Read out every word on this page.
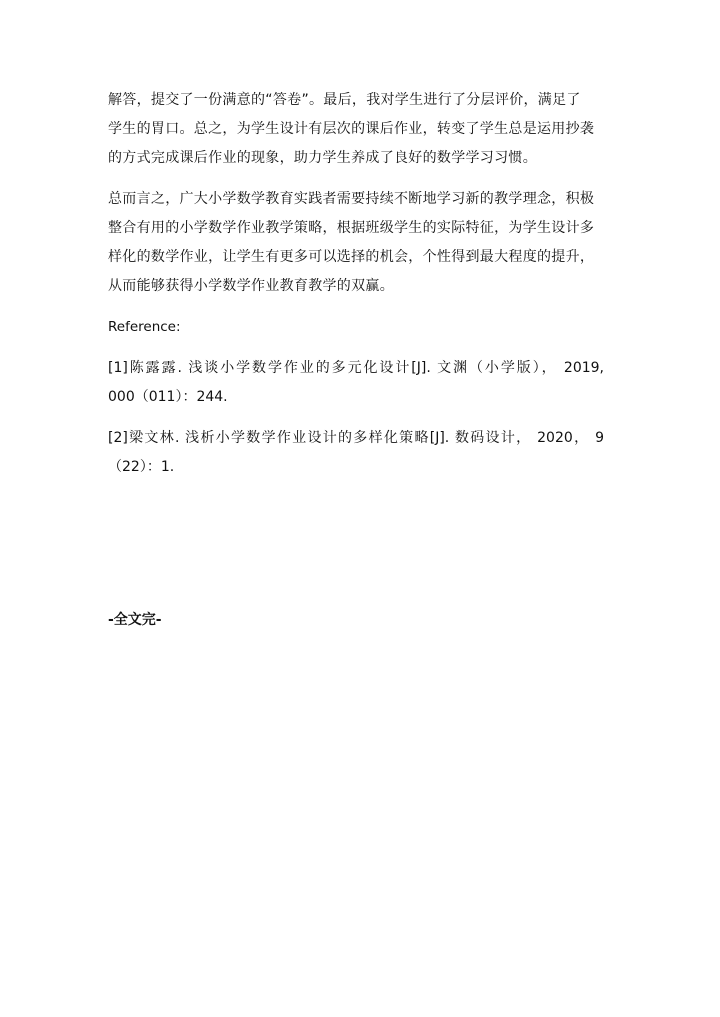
解答，提交了一份满意的“答卷”。最后，我对学生进行了分层评价，满足了
学生的胃口。总之，为学生设计有层次的课后作业，转变了学生总是运用抄袭
的方式完成课后作业的现象，助力学生养成了良好的数学学习习惯。

总而言之，广大小学数学教育实践者需要持续不断地学习新的教学理念，积极
整合有用的小学数学作业教学策略，根据班级学生的实际特征，为学生设计多
样化的数学作业，让学生有更多可以选择的机会，个性得到最大程度的提升，
从而能够获得小学数学作业教育教学的双赢。

Reference:

[1]陈露露. 浅谈小学数学作业的多元化设计[J]. 文渊（小学版）， 2019,
000（011）：244.

[2]梁文林. 浅析小学数学作业设计的多样化策略[J]. 数码设计， 2020， 9
（22）：1.

-全文完-
